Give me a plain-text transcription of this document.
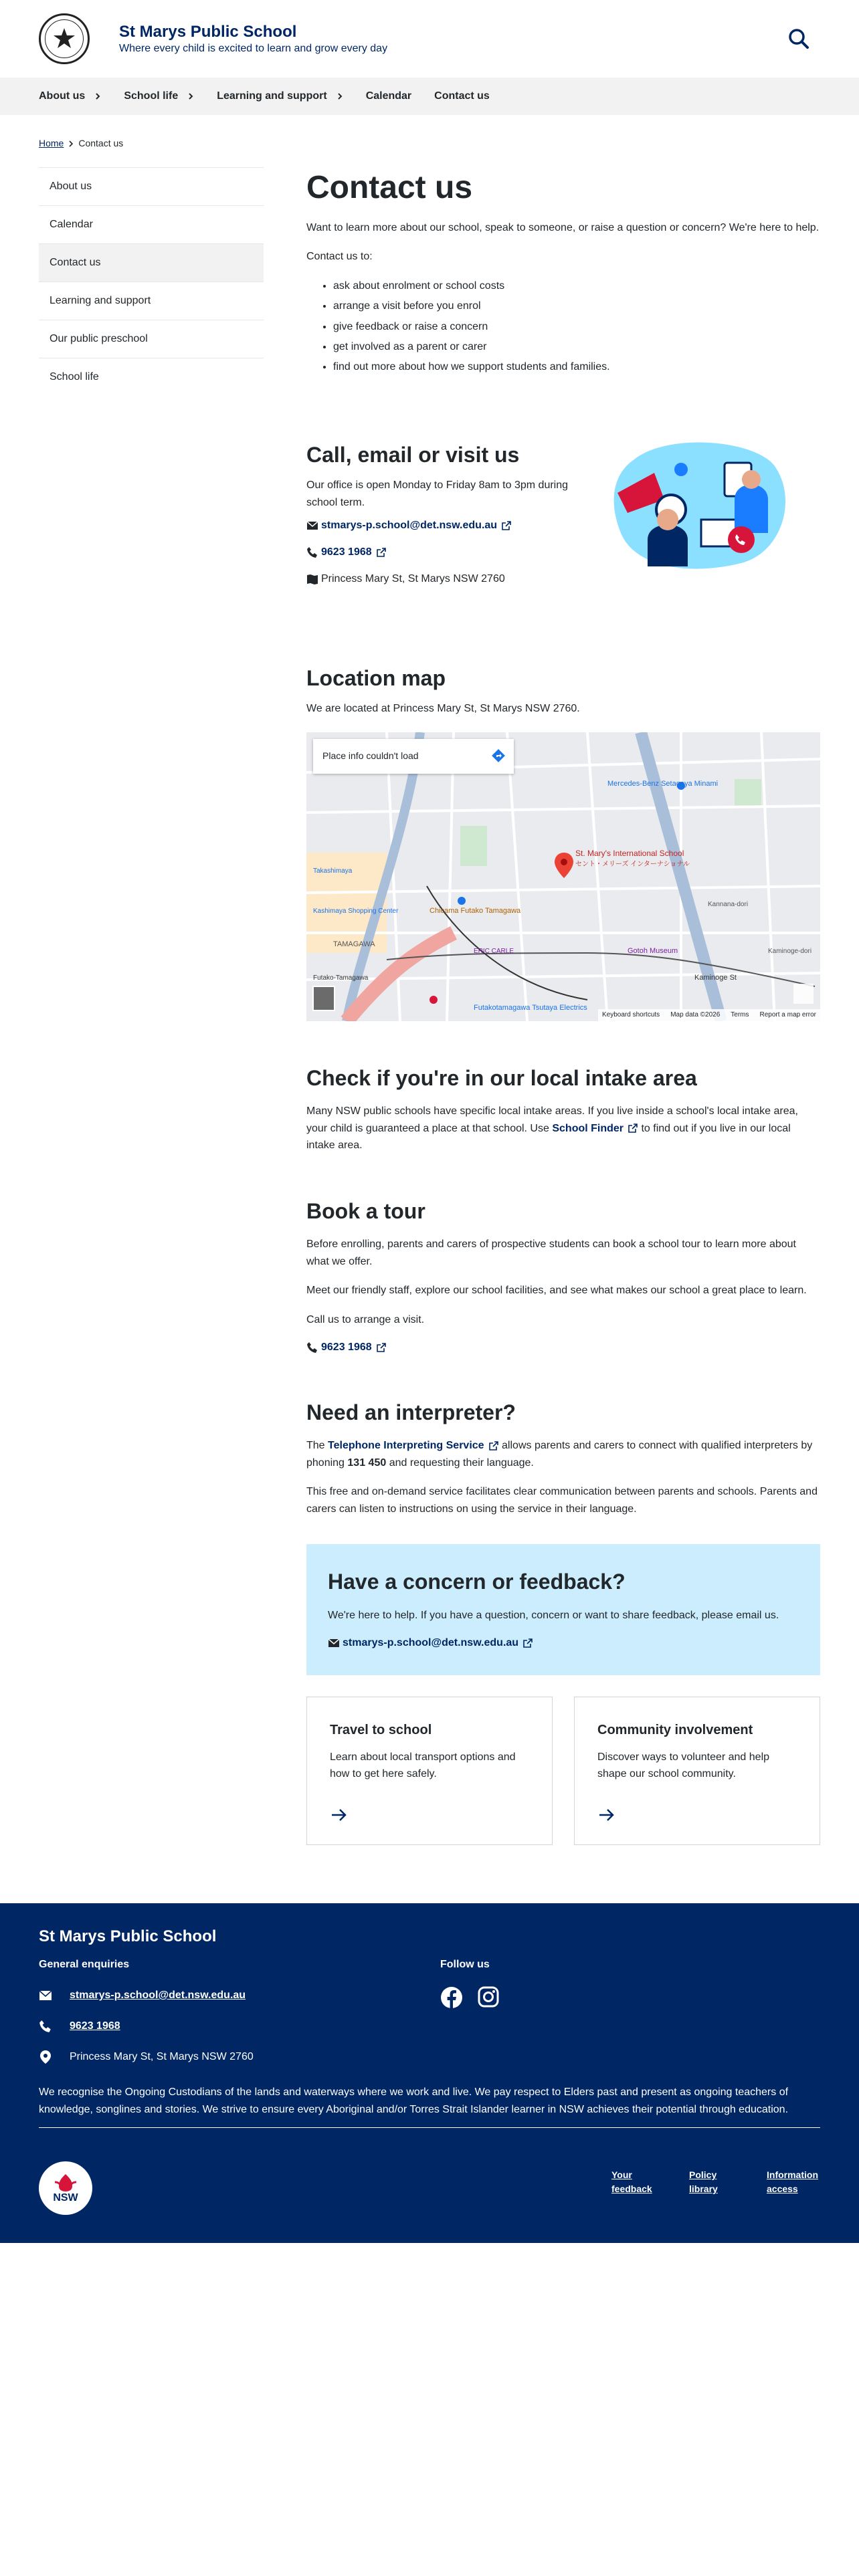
St Marys Public School

Where every child is excited to learn and grow every day

About us	School life	Learning and support	Calendar Contact us
Home Contact us
About us
Calendar
Contact us
Learning and support
Our public preschool
School life
Contact us

Want to learn more about our school, speak to someone, or raise a question or concern? We're here to help.

Contact us to:

• ask about enrolment or school costs
• arrange a visit before you enrol
• give feedback or raise a concern
• get involved as a parent or carer
• find out more about how we support students and families.
Call, email or visit us

Our office is open Monday to Friday 8am to 3pm during school term.

stmarys-p.school@det.nsw.edu.au
9623 1968
Princess Mary St, St Marys NSW 2760
Location map

We are located at Princess Mary St, St Marys NSW 2760.

St. Mary's International School
セント・メリーズ インターナショナル
Mercedes-Benz Setagaya Minami
Futakotamagawa Tsutaya Electrics
Chicama Futako Tamagawa
Gotoh Museum
Kaminoge St
TAMAGAWA
Kashimaya Shopping Center
Futako-Tamagawa
ERIC CARLE	Kaminoge-dori
Kannana-dori
Takashimaya
Place info couldn't load
Keyboard shortcuts Map data ©2026 Terms Report a map error
Check if you're in our local intake area

Many NSW public schools have specific local intake areas. If you live inside a school's local intake area, your child is guaranteed a place at that school. Use School Finder to find out if you live in our local intake area.

Book a tour

Before enrolling, parents and carers of prospective students can book a school tour to learn more about what we offer.

Meet our friendly staff, explore our school facilities, and see what makes our school a great place to learn.

Call us to arrange a visit.

9623 1968
Need an interpreter?

The Telephone Interpreting Service allows parents and carers to connect with qualified interpreters by phoning 131 450 and requesting their language.

This free and on-demand service facilitates clear communication between parents and schools. Parents and carers can listen to instructions on using the service in their language.

Have a concern or feedback?

We're here to help. If you have a question, concern or want to share feedback, please email us.

stmarys-p.school@det.nsw.edu.au
Travel to school

Learn about local transport options and how to get here safely.

Community involvement

Discover ways to volunteer and help shape our school community.

St Marys Public School
General enquiries
stmarys-p.school@det.nsw.edu.au
9623 1968
Princess Mary St, St Marys NSW 2760
Follow us

We recognise the Ongoing Custodians of the lands and waterways where we work and live. We pay respect to Elders past and present as ongoing teachers of knowledge, songlines and stories. We strive to ensure every Aboriginal and/or Torres Strait Islander learner in NSW achieves their potential through education.

NSW
Your feedback
Policy library
Information access
